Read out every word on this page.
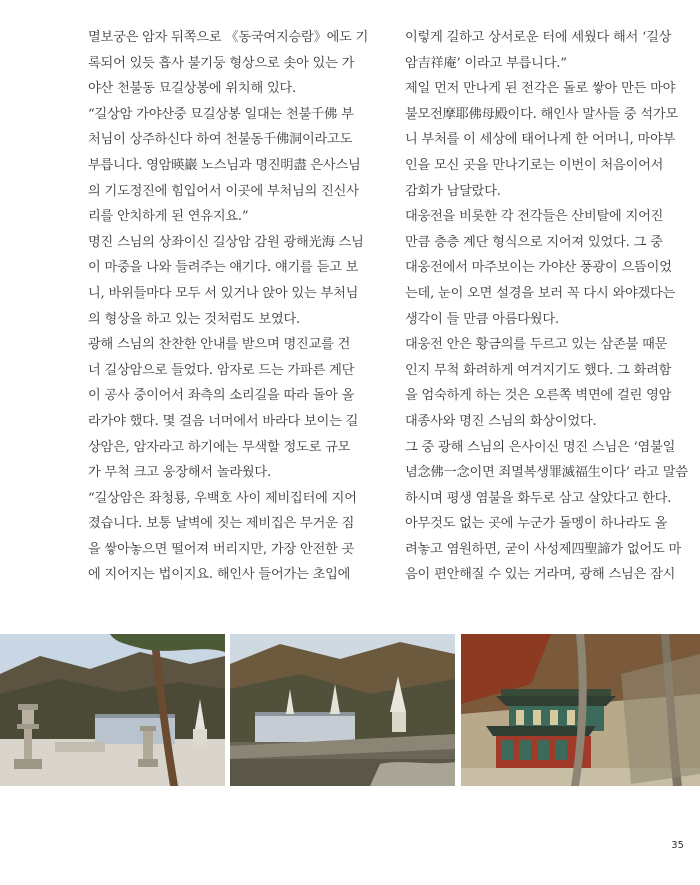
멸보궁은 암자 뒤쪽으로 《동국여지승람》에도 기
록되어 있듯 흡사 불기둥 형상으로 솟아 있는 가
야산 천불동 묘길상봉에 위치해 있다.
“길상암 가야산중 묘길상봉 일대는 천불千佛 부
처님이 상주하신다 하여 천불동千佛洞이라고도
부릅니다. 영암暎巖 노스님과 명진明盡 은사스님
의 기도정진에 힘입어서 이곳에 부처님의 진신사
리를 안치하게 된 연유지요.”
명진 스님의 상좌이신 길상암 감원 광해光海 스님
이 마중을 나와 들려주는 얘기다. 얘기를 듣고 보
니, 바위들마다 모두 서 있거나 앉아 있는 부처님
의 형상을 하고 있는 것처럼도 보였다.
광해 스님의 찬찬한 안내를 받으며 명진교를 건
너 길상암으로 들었다. 암자로 드는 가파른 계단
이 공사 중이어서 좌측의 소리길을 따라 돌아 올
라가야 했다. 몇 걸음 너머에서 바라다 보이는 길
상암은, 암자라고 하기에는 무색할 정도로 규모
가 무척 크고 웅장해서 놀라웠다.
“길상암은 좌청룡, 우백호 사이 제비집터에 지어
졌습니다. 보통 날벽에 짓는 제비집은 무거운 짐
을 쌓아놓으면 떨어져 버리지만, 가장 안전한 곳
에 지어지는 법이지요. 해인사 들어가는 초입에
이렇게 길하고 상서로운 터에 세웠다 해서 ‘길상
암吉祥庵’ 이라고 부릅니다.”
제일 먼저 만나게 된 전각은 돌로 쌓아 만든 마야
불모전摩耶佛母殿이다. 해인사 말사들 중 석가모
니 부처를 이 세상에 태어나게 한 어머니, 마야부
인을 모신 곳을 만나기로는 이번이 처음이어서
감회가 남달랐다.
대웅전을 비롯한 각 전각들은 산비탈에 지어진
만큼 층층 계단 형식으로 지어져 있었다. 그 중
대웅전에서 마주보이는 가야산 풍광이 으뜸이었
는데, 눈이 오면 설경을 보러 꼭 다시 와야겠다는
생각이 들 만큼 아름다웠다.
대웅전 안은 황금의를 두르고 있는 삼존불 때문
인지 무척 화려하게 여겨지기도 했다. 그 화려함
을 엄숙하게 하는 것은 오른쪽 벽면에 걸린 영암
대종사와 명진 스님의 화상이었다.
그 중 광해 스님의 은사이신 명진 스님은 ‘염불일
념念佛一念이면 죄멸복생罪滅福生이다’ 라고 말씀
하시며 평생 염불을 화두로 삼고 살았다고 한다.
아무것도 없는 곳에 누군가 돌멩이 하나라도 올
려놓고 염원하면, 굳이 사성제四聖諦가 없어도 마
음이 편안해질 수 있는 거라며, 광해 스님은 잠시
35
